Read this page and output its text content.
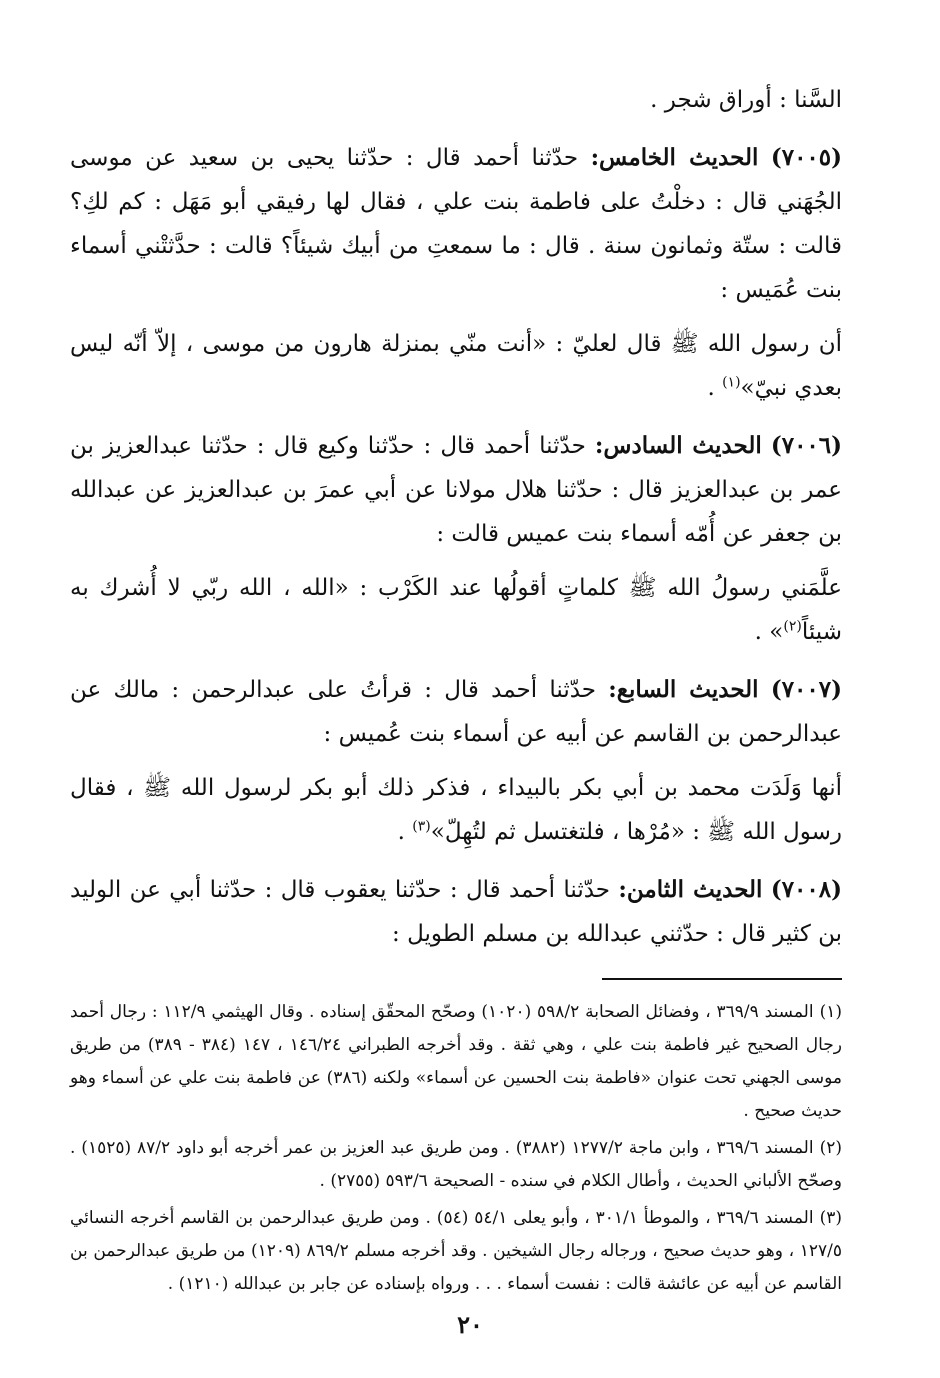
السَّنا : أوراق شجر .

(٧٠٠٥) الحديث الخامس: حدّثنا أحمد قال : حدّثنا يحيى بن سعيد عن موسى الجُهَني قال : دخلْتُ على فاطمة بنت علي ، فقال لها رفيقي أبو مَهَل : كم لكِ؟ قالت : ستّة وثمانون سنة . قال : ما سمعتِ من أبيك شيئاً؟ قالت : حدَّثتْني أسماء بنت عُمَيس :

أن رسول الله ﷺ قال لعليّ : «أنت منّي بمنزلة هارون من موسى ، إلاّ أنّه ليس بعدي نبيّ»$^{(١)}$ .

(٧٠٠٦) الحديث السادس: حدّثنا أحمد قال : حدّثنا وكيع قال : حدّثنا عبدالعزيز بن عمر بن عبدالعزيز قال : حدّثنا هلال مولانا عن أبي عمرَ بن عبدالعزيز عن عبدالله بن جعفر عن أُمّه أسماء بنت عميس قالت :

علَّمَني رسولُ الله ﷺ كلماتٍ أقولُها عند الكَرْب : «الله ، الله ربّي لا أُشرك به شيئاً$^{(٢)}$» .

(٧٠٠٧) الحديث السابع: حدّثنا أحمد قال : قرأتُ على عبدالرحمن : مالك عن عبدالرحمن بن القاسم عن أبيه عن أسماء بنت عُميس :

أنها وَلَدَت محمد بن أبي بكر بالبيداء ، فذكر ذلك أبو بكر لرسول الله ﷺ ، فقال رسول الله ﷺ : «مُرْها ، فلتغتسل ثم لتُهِلّ»$^{(٣)}$ .

(٧٠٠٨) الحديث الثامن: حدّثنا أحمد قال : حدّثنا يعقوب قال : حدّثنا أبي عن الوليد بن كثير قال : حدّثني عبدالله بن مسلم الطويل :

(١)المسند ٣٦٩/٩ ، وفضائل الصحابة ٥٩٨/٢ (١٠٢٠) وصحّح المحقّق إسناده . وقال الهيثمي ١١٢/٩ : رجال أحمد رجال الصحيح غير فاطمة بنت علي ، وهي ثقة . وقد أخرجه الطبراني ١٤٦/٢٤ ، ١٤٧ (٣٨٤ - ٣٨٩) من طريق موسى الجهني تحت عنوان «فاطمة بنت الحسين عن أسماء» ولكنه (٣٨٦) عن فاطمة بنت علي عن أسماء وهو حديث صحيح .

(٢)المسند ٣٦٩/٦ ، وابن ماجة ١٢٧٧/٢ (٣٨٨٢) . ومن طريق عبد العزيز بن عمر أخرجه أبو داود ٨٧/٢ (١٥٢٥) . وصحّح الألباني الحديث ، وأطال الكلام في سنده - الصحيحة ٥٩٣/٦ (٢٧٥٥) .

(٣)المسند ٣٦٩/٦ ، والموطأ ٣٠١/١ ، وأبو يعلى ٥٤/١ (٥٤) . ومن طريق عبدالرحمن بن القاسم أخرجه النسائي ١٢٧/٥ ، وهو حديث صحيح ، ورجاله رجال الشيخين . وقد أخرجه مسلم ٨٦٩/٢ (١٢٠٩) من طريق عبدالرحمن بن القاسم عن أبيه عن عائشة قالت : نفست أسماء . . . ورواه بإسناده عن جابر بن عبدالله (١٢١٠) .

٢٠
